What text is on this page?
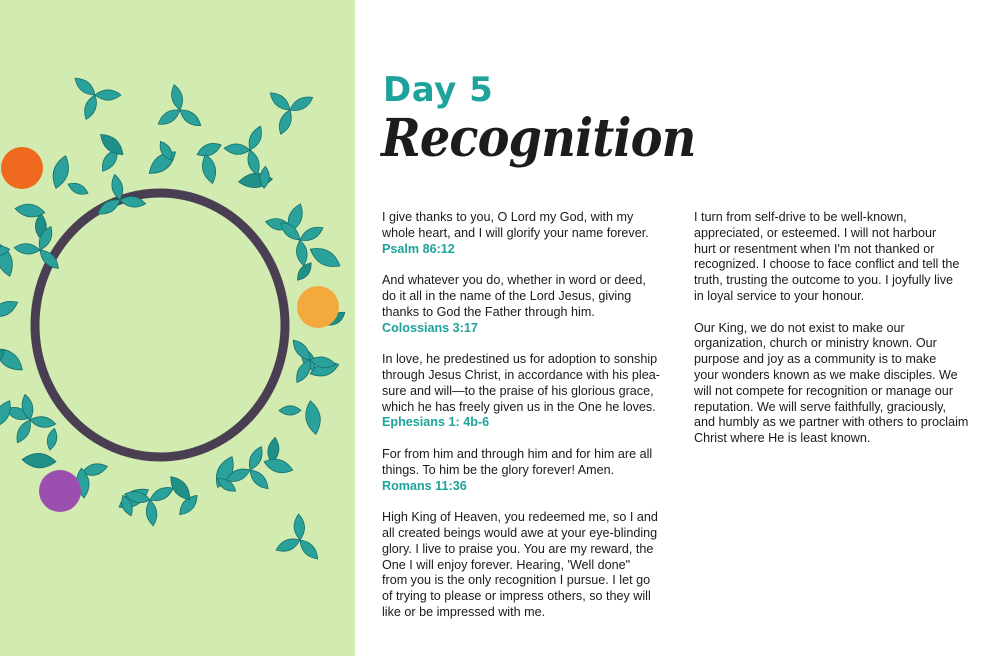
Day 5
Recognition

I give thanks to you, O Lord my God, with my
whole heart, and I will glorify your name forever.

Psalm 86:12

And whatever you do, whether in word or deed,
do it all in the name of the Lord Jesus, giving
thanks to God the Father through him.

Colossians 3:17

In love, he predestined us for adoption to sonship
through Jesus Christ, in accordance with his plea-
sure and will—to the praise of his glorious grace,
which he has freely given us in the One he loves.

Ephesians 1: 4b-6

For from him and through him and for him are all
things. To him be the glory forever! Amen.

Romans 11:36

High King of Heaven, you redeemed me, so I and
all created beings would awe at your eye-blinding
glory. I live to praise you. You are my reward, the
One I will enjoy forever. Hearing, 'Well done"
from you is the only recognition I pursue. I let go
of trying to please or impress others, so they will
like or be impressed with me.

I turn from self-drive to be well-known,
appreciated, or esteemed. I will not harbour
hurt or resentment when I'm not thanked or
recognized. I choose to face conflict and tell the
truth, trusting the outcome to you. I joyfully live
in loyal service to your honour.

Our King, we do not exist to make our
organization, church or ministry known. Our
purpose and joy as a community is to make
your wonders known as we make disciples. We
will not compete for recognition or manage our
reputation. We will serve faithfully, graciously,
and humbly as we partner with others to proclaim
Christ where He is least known.
